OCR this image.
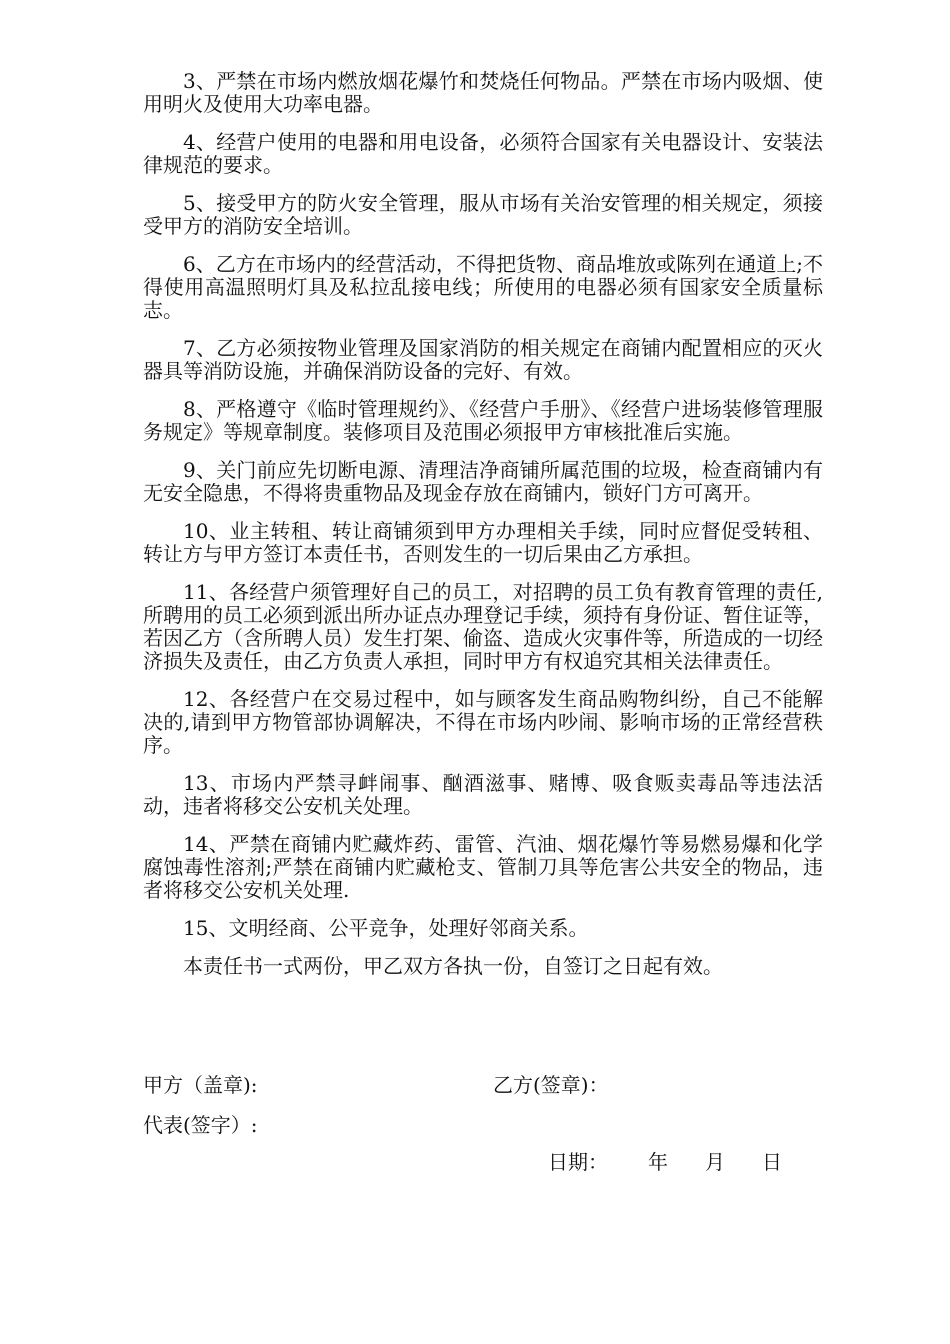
3、严禁在市场内燃放烟花爆竹和焚烧任何物品。严禁在市场内吸烟、使用明火及使用大功率电器。

4、经营户使用的电器和用电设备，必须符合国家有关电器设计、安装法律规范的要求。

5、接受甲方的防火安全管理，服从市场有关治安管理的相关规定，须接受甲方的消防安全培训。

6、乙方在市场内的经营活动，不得把货物、商品堆放或陈列在通道上;不得使用高温照明灯具及私拉乱接电线；所使用的电器必须有国家安全质量标志。

7、乙方必须按物业管理及国家消防的相关规定在商铺内配置相应的灭火器具等消防设施，并确保消防设备的完好、有效。

8、严格遵守《临时管理规约》、《经营户手册》、《经营户进场装修管理服务规定》等规章制度。装修项目及范围必须报甲方审核批准后实施。

9、关门前应先切断电源、清理洁净商铺所属范围的垃圾，检查商铺内有无安全隐患，不得将贵重物品及现金存放在商铺内，锁好门方可离开。

10、业主转租、转让商铺须到甲方办理相关手续，同时应督促受转租、转让方与甲方签订本责任书，否则发生的一切后果由乙方承担。

11、各经营户须管理好自己的员工，对招聘的员工负有教育管理的责任,所聘用的员工必须到派出所办证点办理登记手续，须持有身份证、暂住证等，若因乙方（含所聘人员）发生打架、偷盗、造成火灾事件等，所造成的一切经济损失及责任，由乙方负责人承担，同时甲方有权追究其相关法律责任。

12、各经营户在交易过程中，如与顾客发生商品购物纠纷，自己不能解决的,请到甲方物管部协调解决，不得在市场内吵闹、影响市场的正常经营秩序。

13、市场内严禁寻衅闹事、酗酒滋事、赌博、吸食贩卖毒品等违法活动，违者将移交公安机关处理。

14、严禁在商铺内贮藏炸药、雷管、汽油、烟花爆竹等易燃易爆和化学腐蚀毒性溶剂;严禁在商铺内贮藏枪支、管制刀具等危害公共安全的物品，违者将移交公安机关处理.

15、文明经商、公平竞争，处理好邻商关系。

本责任书一式两份，甲乙双方各执一份，自签订之日起有效。

甲方（盖章):	乙方(签章)：
代表(签字）:
日期：	年	月	日
